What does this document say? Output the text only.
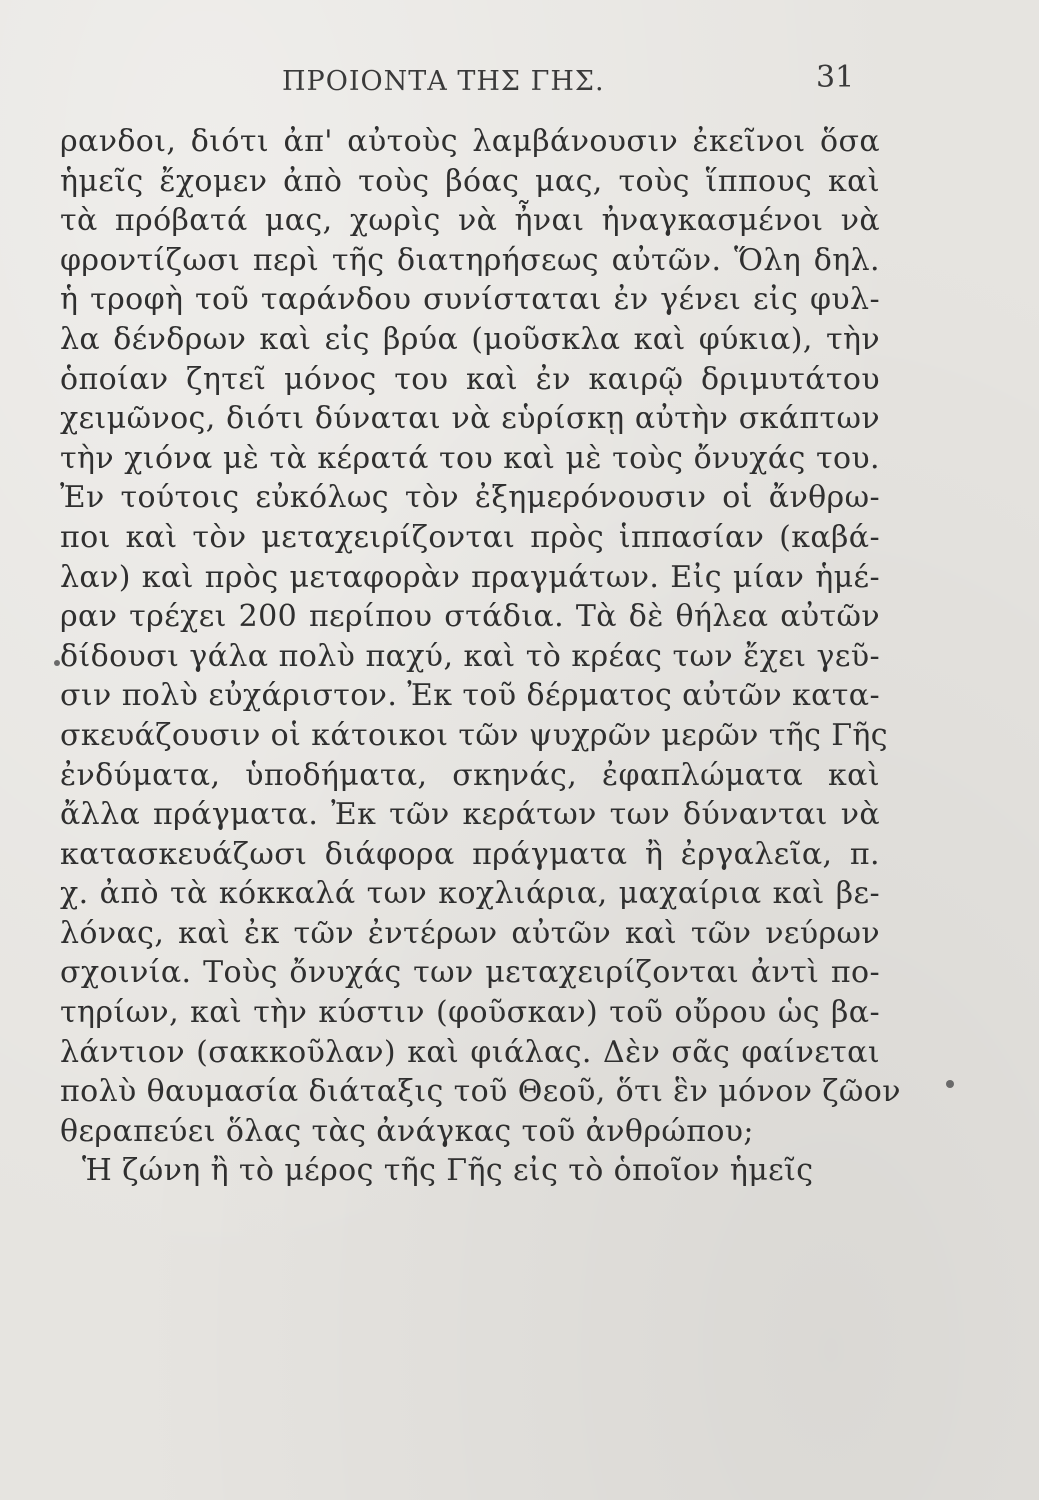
ΠΡΟΙΟΝΤΑ ΤΗΣ ΓΗΣ.	31
ρανδοι, διότι ἀπ' αὐτοὺς λαμβάνουσιν ἐκεῖνοι ὅσα
ἡμεῖς ἔχομεν ἀπὸ τοὺς βόας μας, τοὺς ἵππους καὶ
τὰ πρόβατά μας, χωρὶς νὰ ἦναι ἠναγκασμένοι νὰ
φροντίζωσι περὶ τῆς διατηρήσεως αὐτῶν. Ὅλη δηλ.
ἡ τροφὴ τοῦ ταράνδου συνίσταται ἐν γένει εἰς φυλ-
λα δένδρων καὶ εἰς βρύα (μοῦσκλα καὶ φύκια), τὴν
ὁποίαν ζητεῖ μόνος του καὶ ἐν καιρῷ δριμυτάτου
χειμῶνος, διότι δύναται νὰ εὑρίσκῃ αὐτὴν σκάπτων
τὴν χιόνα μὲ τὰ κέρατά του καὶ μὲ τοὺς ὄνυχάς του.
Ἐν τούτοις εὐκόλως τὸν ἐξημερόνουσιν οἱ ἄνθρω-
ποι καὶ τὸν μεταχειρίζονται πρὸς ἱππασίαν (καβά-
λαν) καὶ πρὸς μεταφορὰν πραγμάτων. Εἰς μίαν ἡμέ-
ραν τρέχει 200 περίπου στάδια. Τὰ δὲ θήλεα αὐτῶν
δίδουσι γάλα πολὺ παχύ, καὶ τὸ κρέας των ἔχει γεῦ-
σιν πολὺ εὐχάριστον. Ἐκ τοῦ δέρματος αὐτῶν κατα-
σκευάζουσιν οἱ κάτοικοι τῶν ψυχρῶν μερῶν τῆς Γῆς
ἐνδύματα, ὑποδήματα, σκηνάς, ἐφαπλώματα καὶ
ἄλλα πράγματα. Ἐκ τῶν κεράτων των δύνανται νὰ
κατασκευάζωσι διάφορα πράγματα ἢ ἐργαλεῖα, π.
χ. ἀπὸ τὰ κόκκαλά των κοχλιάρια, μαχαίρια καὶ βε-
λόνας, καὶ ἐκ τῶν ἐντέρων αὐτῶν καὶ τῶν νεύρων
σχοινία. Τοὺς ὄνυχάς των μεταχειρίζονται ἀντὶ πο-
τηρίων, καὶ τὴν κύστιν (φοῦσκαν) τοῦ οὔρου ὡς βα-
λάντιον (σακκοῦλαν) καὶ φιάλας. Δὲν σᾶς φαίνεται
πολὺ θαυμασία διάταξις τοῦ Θεοῦ, ὅτι ἓν μόνον ζῶον
θεραπεύει ὅλας τὰς ἀνάγκας τοῦ ἀνθρώπου;
Ἡ ζώνη ἢ τὸ μέρος τῆς Γῆς εἰς τὸ ὁποῖον ἡμεῖς
